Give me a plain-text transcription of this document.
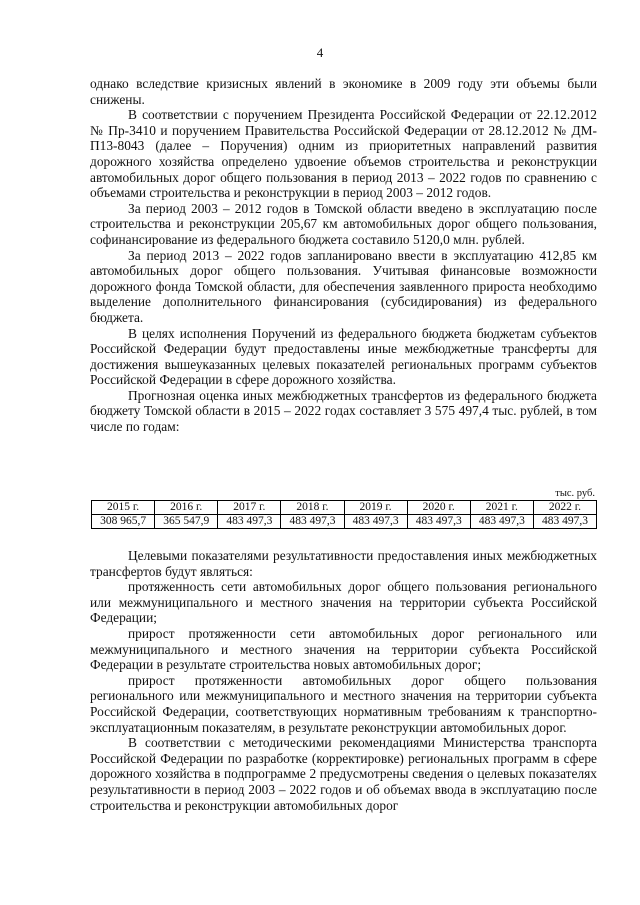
4

однако вследствие кризисных явлений в экономике в 2009 году эти объемы были снижены.

В соответствии с поручением Президента Российской Федерации от 22.12.2012 № Пр-3410 и поручением Правительства Российской Федерации от 28.12.2012 № ДМ-П13-8043 (далее – Поручения) одним из приоритетных направлений развития дорожного хозяйства определено удвоение объемов строительства и реконструкции автомобильных дорог общего пользования в период 2013 – 2022 годов по сравнению с объемами строительства и реконструкции в период 2003 – 2012 годов.

За период 2003 – 2012 годов в Томской области введено в эксплуатацию после строительства и реконструкции 205,67 км автомобильных дорог общего пользования, софинансирование из федерального бюджета составило 5120,0 млн. рублей.

За период 2013 – 2022 годов запланировано ввести в эксплуатацию 412,85 км автомобильных дорог общего пользования. Учитывая финансовые возможности дорожного фонда Томской области, для обеспечения заявленного прироста необходимо выделение дополнительного финансирования (субсидирования) из федерального бюджета.

В целях исполнения Поручений из федерального бюджета бюджетам субъектов Российской Федерации будут предоставлены иные межбюджетные трансферты для достижения вышеуказанных целевых показателей региональных программ субъектов Российской Федерации в сфере дорожного хозяйства.

Прогнозная оценка иных межбюджетных трансфертов из федерального бюджета бюджету Томской области в 2015 – 2022 годах составляет 3 575 497,4 тыс. рублей, в том числе по годам:

тыс. руб.
2015 г.	2016 г.	2017 г.	2018 г.	2019 г.	2020 г.	2021 г.	2022 г.
308 965,7	365 547,9	483 497,3	483 497,3	483 497,3	483 497,3	483 497,3	483 497,3

Целевыми показателями результативности предоставления иных межбюджетных трансфертов будут являться:

протяженность сети автомобильных дорог общего пользования регионального или межмуниципального и местного значения на территории субъекта Российской Федерации;

прирост протяженности сети автомобильных дорог регионального или межмуниципального и местного значения на территории субъекта Российской Федерации в результате строительства новых автомобильных дорог;

прирост протяженности автомобильных дорог общего пользования регионального или межмуниципального и местного значения на территории субъекта Российской Федерации, соответствующих нормативным требованиям к транспортно-эксплуатационным показателям, в результате реконструкции автомобильных дорог.

В соответствии с методическими рекомендациями Министерства транспорта Российской Федерации по разработке (корректировке) региональных программ в сфере дорожного хозяйства в подпрограмме 2 предусмотрены сведения о целевых показателях результативности в период 2003 – 2022 годов и об объемах ввода в эксплуатацию после строительства и реконструкции автомобильных дорог
